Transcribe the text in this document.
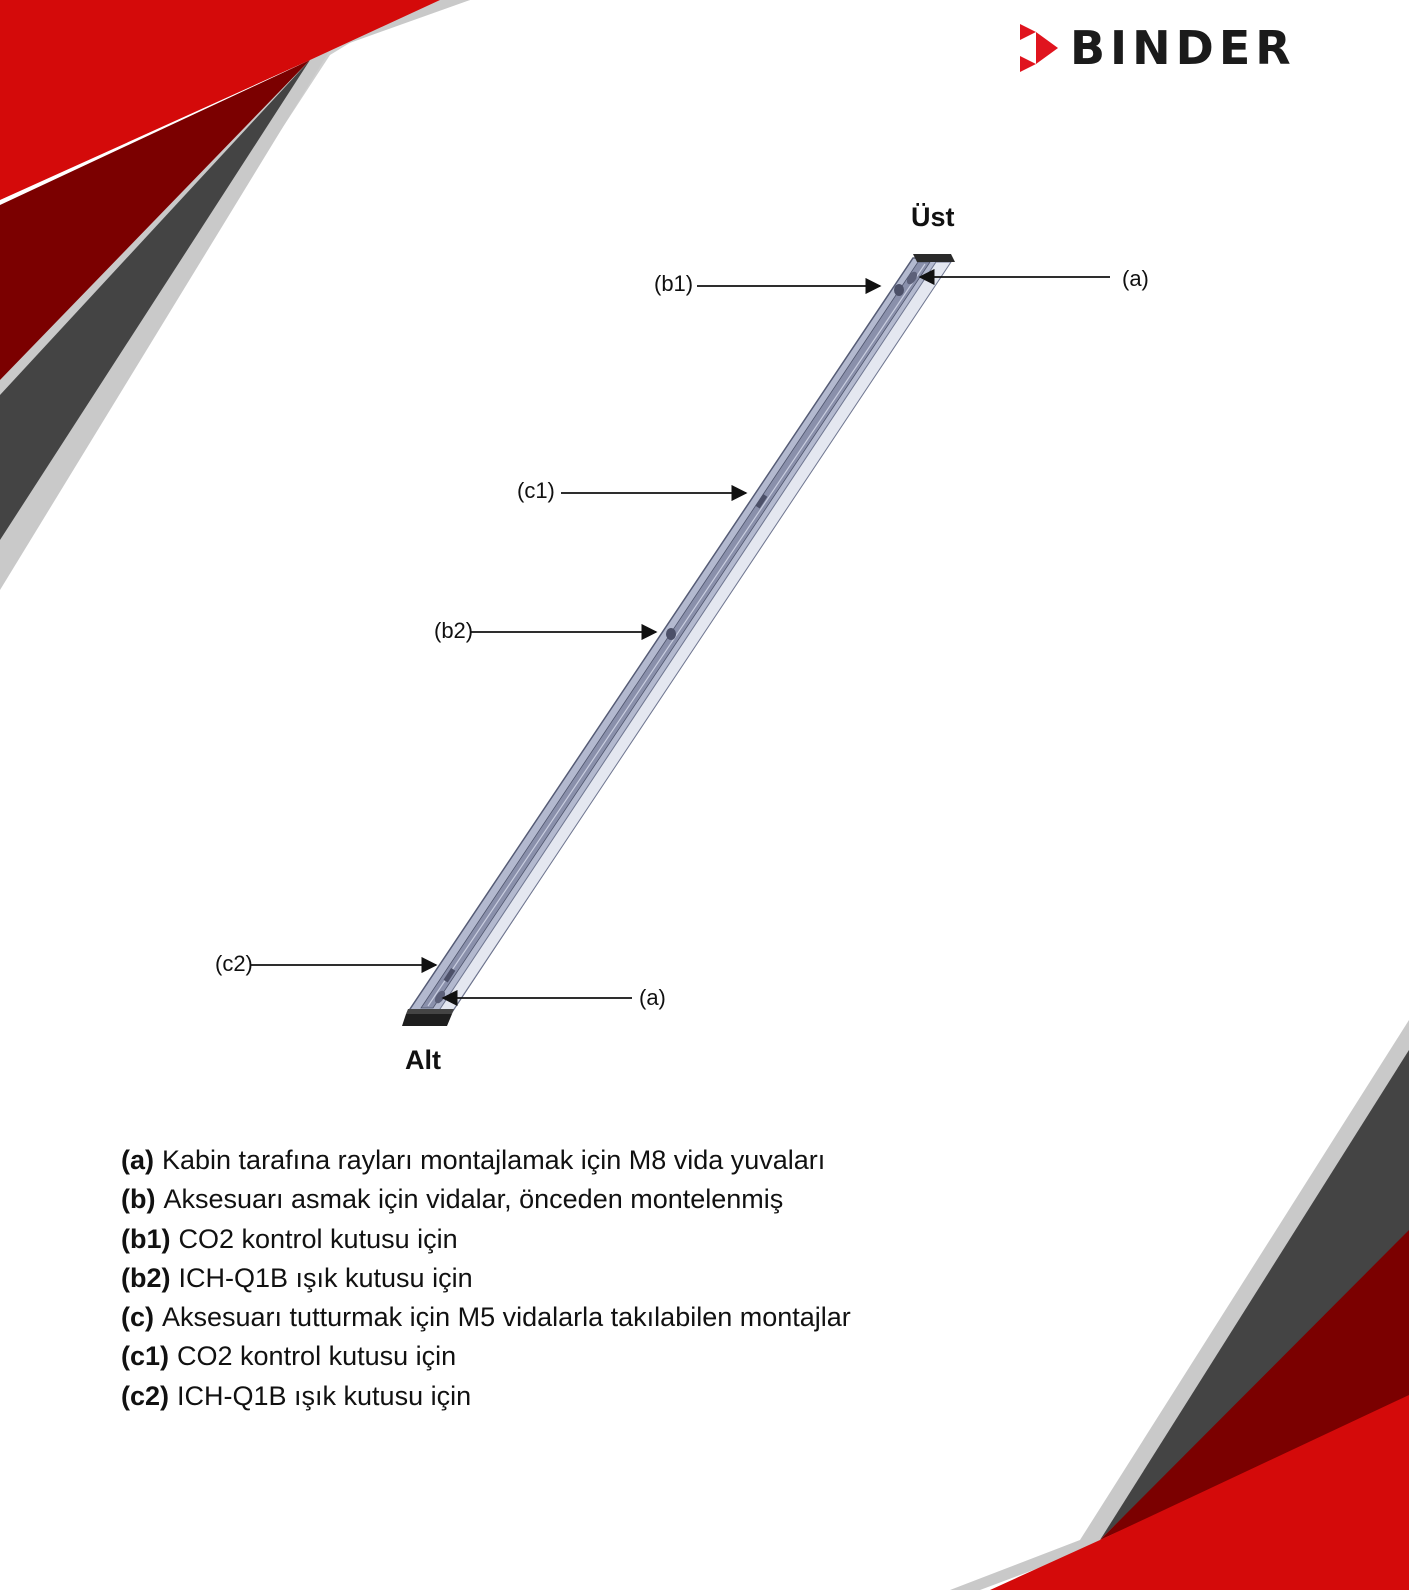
BINDER
Üst
Alt
(b1)	(a)
(c1)
(b2)
(c2)
(a)
(a) Kabin tarafına rayları montajlamak için M8 vida yuvaları
(b) Aksesuarı asmak için vidalar, önceden montelenmiş
(b1) CO2 kontrol kutusu için
(b2) ICH-Q1B ışık kutusu için
(c) Aksesuarı tutturmak için M5 vidalarla takılabilen montajlar
(c1) CO2 kontrol kutusu için
(c2) ICH-Q1B ışık kutusu için
